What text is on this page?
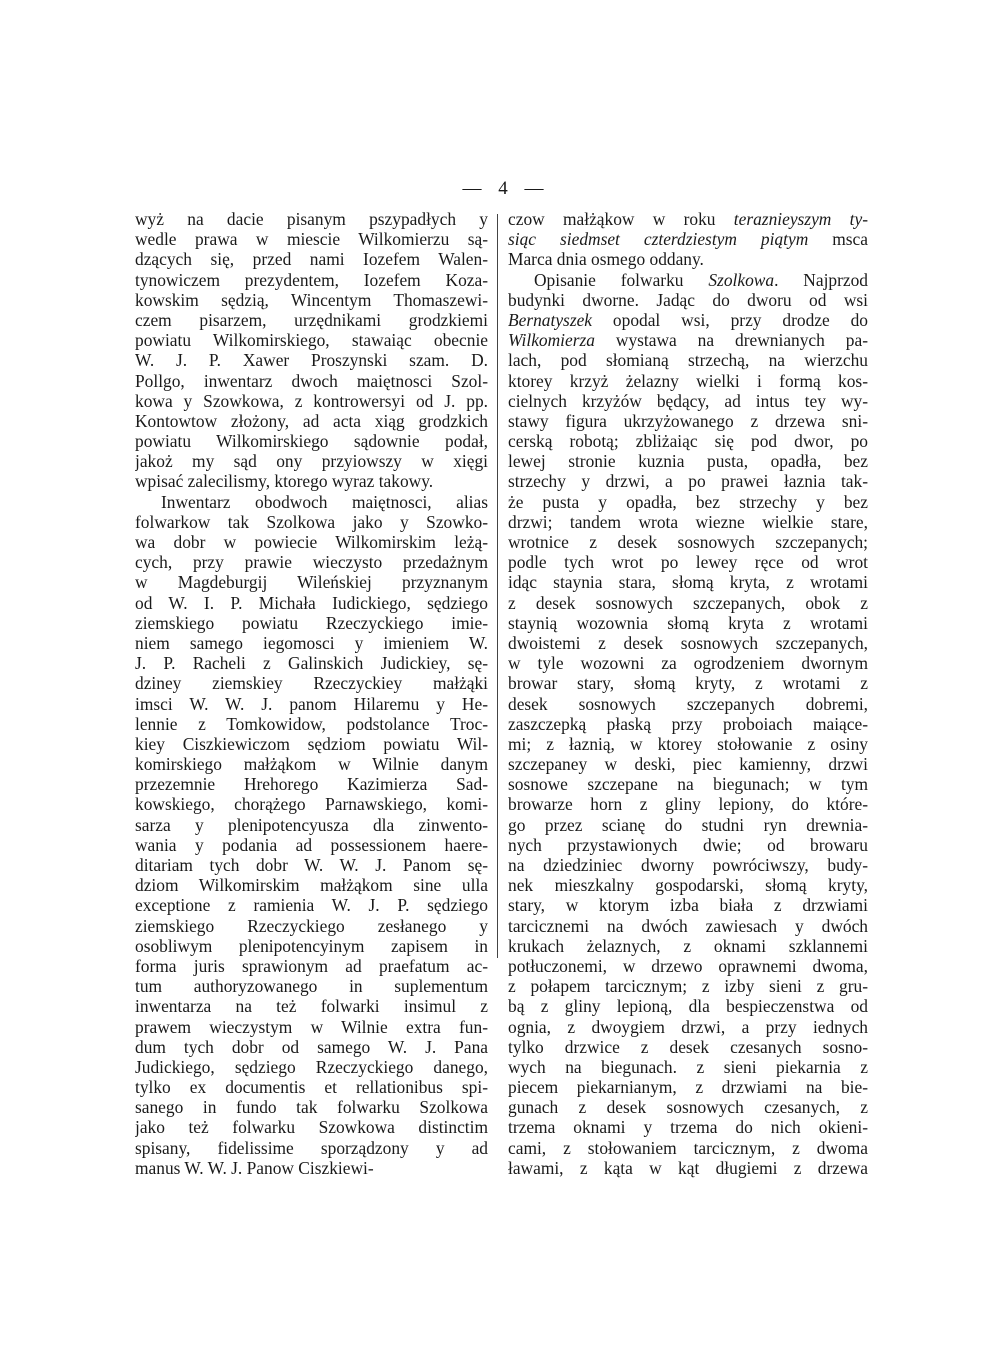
— 4 —
wyż na dacie pisanym pszypadłych y
wedle prawa w miescie Wilkomierzu są-
dzących się, przed nami Iozefem Walen-
tynowiczem prezydentem, Iozefem Koza-
kowskim sędzią, Wincentym Thomaszewi-
czem pisarzem, urzędnikami grodzkiemi
powiatu Wilkomirskiego, stawaiąc obecnie
W. J. P. Xawer Proszynski szam. D.
Pollgo, inwentarz dwoch maiętnosci Szol-
kowa y Szowkowa, z kontrowersyi od J. pp.
Kontowtow złożony, ad acta xiąg grodzkich
powiatu Wilkomirskiego sądownie podał,
jakoż my sąd ony przyiowszy w xięgi
wpisać zalecilismy, ktorego wyraz takowy.
Inwentarz obodwoch maiętnosci, alias
folwarkow tak Szolkowa jako y Szowko-
wa dobr w powiecie Wilkomirskim leżą-
cych, przy prawie wieczysto przedażnym
w Magdeburgij Wileńskiej przyznanym
od W. I. P. Michała Iudickiego, sędziego
ziemskiego powiatu Rzeczyckiego imie-
niem samego iegomosci y imieniem W.
J. P. Racheli z Galinskich Judickiey, sę-
dziney ziemskiey Rzeczyckiey małżąki
imsci W. W. J. panom Hilaremu y He-
lennie z Tomkowidow, podstolance Troc-
kiey Ciszkiewiczom sędziom powiatu Wil-
komirskiego małżąkom w Wilnie danym
przezemnie Hrehorego Kazimierza Sad-
kowskiego, chorążego Parnawskiego, komi-
sarza y plenipotencyusza dla zinwento-
wania y podania ad possessionem haere-
ditariam tych dobr W. W. J. Panom sę-
dziom Wilkomirskim małżąkom sine ulla
exceptione z ramienia W. J. P. sędziego
ziemskiego Rzeczyckiego zesłanego y
osobliwym plenipotencyinym zapisem in
forma juris sprawionym ad praefatum ac-
tum authoryzowanego in suplementum
inwentarza na też folwarki insimul z
prawem wieczystym w Wilnie extra fun-
dum tych dobr od samego W. J. Pana
Judickiego, sędziego Rzeczyckiego danego,
tylko ex documentis et rellationibus spi-
sanego in fundo tak folwarku Szolkowa
jako też folwarku Szowkowa distinctim
spisany, fidelissime sporządzony y ad
manus W. W. J. Panow Ciszkiewi-
czow małżąkow w roku teraznieyszym ty-
siąc siedmset czterdziestym piątym msca
Marca dnia osmego oddany.
Opisanie folwarku Szolkowa. Najprzod
budynki dworne. Jadąc do dworu od wsi
Bernatyszek opodal wsi, przy drodze do
Wilkomierza wystawa na drewnianych pa-
lach, pod słomianą strzechą, na wierzchu
ktorey krzyż żelazny wielki i formą kos-
cielnych krzyżów będący, ad intus tey wy-
stawy figura ukrzyżowanego z drzewa sni-
cerską robotą; zbliżaiąc się pod dwor, po
lewej stronie kuznia pusta, opadła, bez
strzechy y drzwi, a po prawei łaznia tak-
że pusta y opadła, bez strzechy y bez
drzwi; tandem wrota wiezne wielkie stare,
wrotnice z desek sosnowych szczepanych;
podle tych wrot po lewey ręce od wrot
idąc staynia stara, słomą kryta, z wrotami
z desek sosnowych szczepanych, obok z
staynią wozownia słomą kryta z wrotami
dwoistemi z desek sosnowych szczepanych,
w tyle wozowni za ogrodzeniem dwornym
browar stary, słomą kryty, z wrotami z
desek sosnowych szczepanych dobremi,
zaszczepką płaską przy proboiach maiące-
mi; z łaznią, w ktorey stołowanie z osiny
szczepaney w deski, piec kamienny, drzwi
sosnowe szczepane na biegunach; w tym
browarze horn z gliny lepiony, do które-
go przez scianę do studni ryn drewnia-
nych przystawionych dwie; od browaru
na dziedziniec dworny powróciwszy, budy-
nek mieszkalny gospodarski, słomą kryty,
stary, w ktorym izba biała z drzwiami
tarcicznemi na dwóch zawiesach y dwóch
krukach żelaznych, z oknami szklannemi
potłuczonemi, w drzewo oprawnemi dwoma,
z połapem tarcicznym; z izby sieni z gru-
bą z gliny lepioną, dla bespieczenstwa od
ognia, z dwoygiem drzwi, a przy iednych
tylko drzwice z desek czesanych sosno-
wych na biegunach. z sieni piekarnia z
piecem piekarnianym, z drzwiami na bie-
gunach z desek sosnowych czesanych, z
trzema oknami y trzema do nich okieni-
cami, z stołowaniem tarcicznym, z dwoma
ławami, z kąta w kąt długiemi z drzewa
